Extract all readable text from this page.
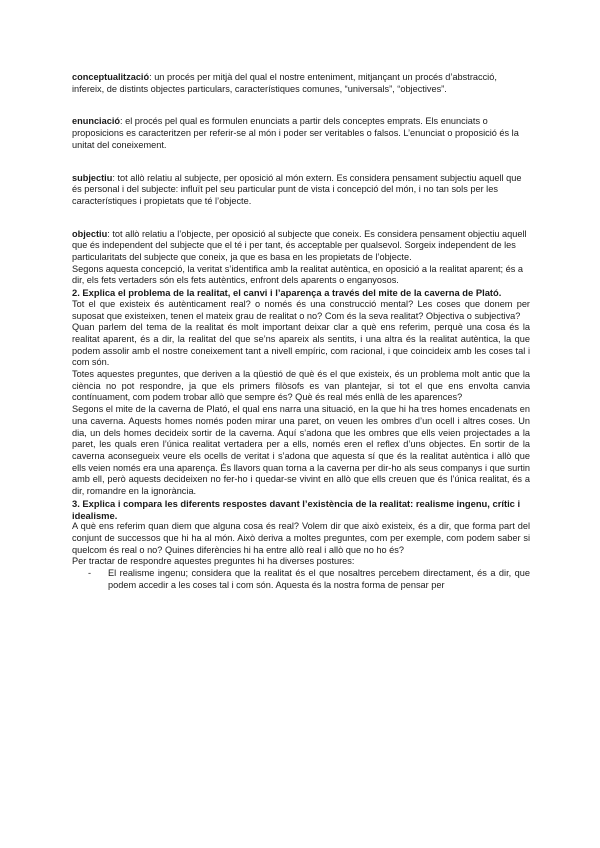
conceptualització: un procés per mitjà del qual el nostre enteniment, mitjançant un procés d’abstracció, infereix, de distints objectes particulars, característiques comunes, “universals”, “objectives”.

enunciació: el procés pel qual es formulen enunciats a partir dels conceptes emprats. Els enunciats o proposicions es caracteritzen per referir-se al món i poder ser veritables o falsos. L’enunciat o proposició és la unitat del coneixement.

subjectiu: tot allò relatiu al subjecte, per oposició al món extern. Es considera pensament subjectiu aquell que és personal i del subjecte: influït pel seu particular punt de vista i concepció del món, i no tan sols per les característiques i propietats que té l’objecte.

objectiu: tot allò relatiu a l’objecte, per oposició al subjecte que coneix. Es considera pensament objectiu aquell que és independent del subjecte que el té i per tant, és acceptable per qualsevol. Sorgeix independent de les particularitats del subjecte que coneix, ja que es basa en les propietats de l’objecte.

Segons aquesta concepció, la veritat s’identifica amb la realitat autèntica, en oposició a la realitat aparent; és a dir, els fets vertaders són els fets autèntics, enfront dels aparents o enganyosos.

2. Explica el problema de la realitat, el canvi i l’aparença a través del mite de la caverna de Plató.

Tot el que existeix és autènticament real? o només és una construcció mental? Les coses que donem per suposat que existeixen, tenen el mateix grau de realitat o no? Com és la seva realitat? Objectiva o subjectiva?

Quan parlem del tema de la realitat és molt important deixar clar a què ens referim, perquè una cosa és la realitat aparent, és a dir, la realitat del que se’ns apareix als sentits, i una altra és la realitat autèntica, la que podem assolir amb el nostre coneixement tant a nivell empíric, com racional, i que coincideix amb les coses tal i com són.

Totes aquestes preguntes, que deriven a la qüestió de què és el que existeix, és un problema molt antic que la ciència no pot respondre, ja que els primers filòsofs es van plantejar, si tot el que ens envolta canvia contínuament, com podem trobar allò que sempre és? Què és real més enllà de les aparences?

Segons el mite de la caverna de Plató, el qual ens narra una situació, en la que hi ha tres homes encadenats en una caverna. Aquests homes només poden mirar una paret, on veuen les ombres d’un ocell i altres coses. Un dia, un dels homes decideix sortir de la caverna. Aquí s’adona que les ombres que ells veien projectades a la paret, les quals eren l’única realitat vertadera per a ells, només eren el reflex d’uns objectes. En sortir de la caverna aconsegueix veure els ocells de veritat i s’adona que aquesta sí que és la realitat autèntica i allò que ells veien només era una aparença. És llavors quan torna a la caverna per dir-ho als seus companys i que surtin amb ell, però aquests decideixen no fer-ho i quedar-se vivint en allò que ells creuen que és l’única realitat, és a dir, romandre en la ignorància.

3. Explica i compara les diferents respostes davant l’existència de la realitat: realisme ingenu, crític i idealisme.

A què ens referim quan diem que alguna cosa és real? Volem dir que això existeix, és a dir, que forma part del conjunt de successos que hi ha al món. Això deriva a moltes preguntes, com per exemple, com podem saber si quelcom és real o no? Quines diferències hi ha entre allò real i allò que no ho és?

Per tractar de respondre aquestes preguntes hi ha diverses postures:

-	El realisme ingenu; considera que la realitat és el que nosaltres percebem directament, és a dir, que podem accedir a les coses tal i com són. Aquesta és la nostra forma de pensar per
